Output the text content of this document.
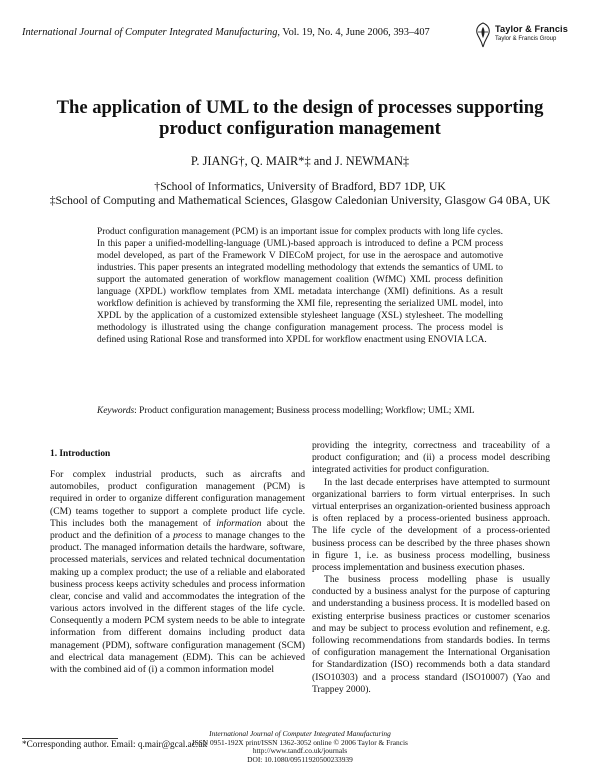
International Journal of Computer Integrated Manufacturing, Vol. 19, No. 4, June 2006, 393–407	Taylor & Francis
Taylor & Francis Group
The application of UML to the design of processes supporting
product configuration management
P. JIANG†, Q. MAIR*‡ and J. NEWMAN‡
†School of Informatics, University of Bradford, BD7 1DP, UK
‡School of Computing and Mathematical Sciences, Glasgow Caledonian University, Glasgow G4 0BA, UK

Product configuration management (PCM) is an important issue for complex products with long life cycles. In this paper a unified-modelling-language (UML)-based approach is introduced to define a PCM process model developed, as part of the Framework V DIECoM project, for use in the aerospace and automotive industries. This paper presents an integrated modelling methodology that extends the semantics of UML to support the automated generation of workflow management coalition (WfMC) XML process definition language (XPDL) workflow templates from XML metadata interchange (XMI) definitions. As a result workflow definition is achieved by transforming the XMI file, representing the serialized UML model, into XPDL by the application of a customized extensible stylesheet language (XSL) stylesheet. The modelling methodology is illustrated using the change configuration management process. The process model is defined using Rational Rose and transformed into XPDL for workflow enactment using ENOVIA LCA.

Keywords: Product configuration management; Business process modelling; Workflow; UML; XML

1. Introduction

For complex industrial products, such as aircrafts and automobiles, product configuration management (PCM) is required in order to organize different configuration management (CM) teams together to support a complete product life cycle. This includes both the management of information about the product and the definition of a process to manage changes to the product. The managed information details the hardware, software, processed materials, services and related technical documentation making up a complex product; the use of a reliable and elaborated business process keeps activity schedules and process information clear, concise and valid and accommodates the integration of the various actors involved in the different stages of the life cycle. Consequently a modern PCM system needs to be able to integrate information from different domains including product data management (PDM), software configuration management (SCM) and electrical data management (EDM). This can be achieved with the combined aid of (i) a common information model

providing the integrity, correctness and traceability of a product configuration; and (ii) a process model describing integrated activities for product configuration.

In the last decade enterprises have attempted to surmount organizational barriers to form virtual enterprises. In such virtual enterprises an organization-oriented business approach is often replaced by a process-oriented business approach. The life cycle of the development of a process-oriented business process can be described by the three phases shown in figure 1, i.e. as business process modelling, business process implementation and business execution phases.

The business process modelling phase is usually conducted by a business analyst for the purpose of capturing and understanding a business process. It is modelled based on existing enterprise business practices or customer scenarios and may be subject to process evolution and refinement, e.g. following recommendations from standards bodies. In terms of configuration management the International Organisation for Standardization (ISO) recommends both a data standard (ISO10303) and a process standard (ISO10007) (Yao and Trappey 2000).

*Corresponding author. Email: q.mair@gcal.ac.uk
International Journal of Computer Integrated Manufacturing
ISSN 0951-192X print/ISSN 1362-3052 online © 2006 Taylor & Francis
http://www.tandf.co.uk/journals
DOI: 10.1080/09511920500233939
